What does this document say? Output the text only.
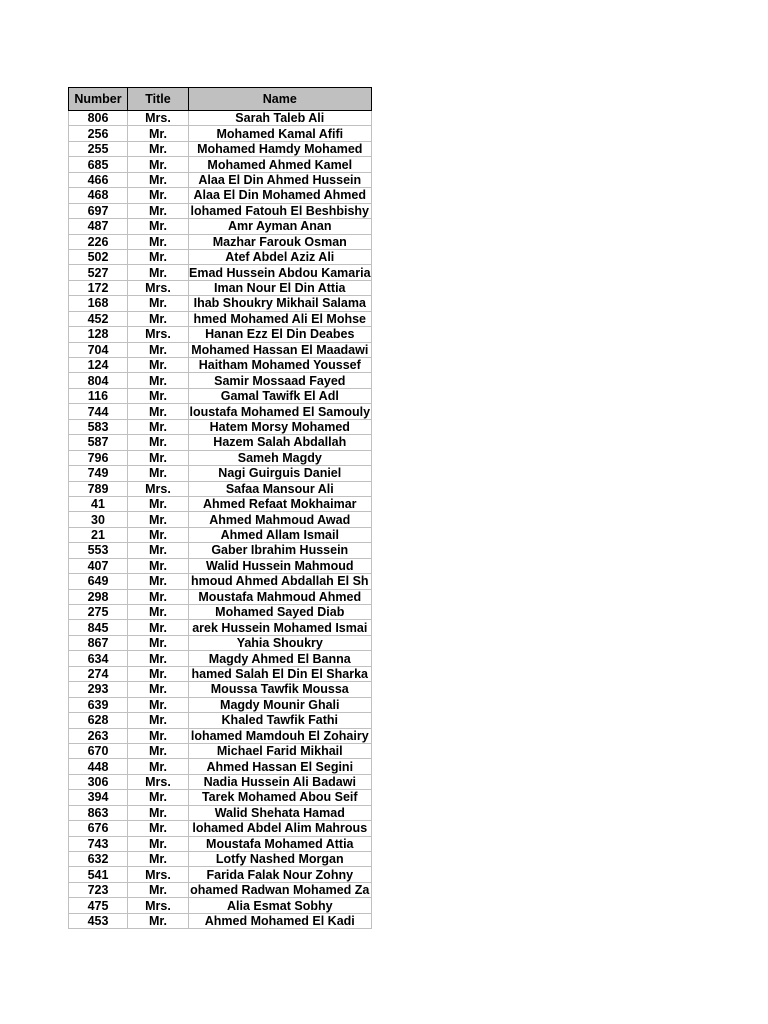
Number	Title	Name
806	Mrs.	Sarah Taleb Ali
256	Mr.	Mohamed Kamal Afifi
255	Mr.	Mohamed Hamdy Mohamed
685	Mr.	Mohamed Ahmed Kamel
466	Mr.	Alaa El Din Ahmed Hussein
468	Mr.	Alaa El Din Mohamed Ahmed
697	Mr.	lohamed Fatouh El Beshbishy
487	Mr.	Amr Ayman Anan
226	Mr.	Mazhar Farouk Osman
502	Mr.	Atef Abdel Aziz Ali
527	Mr.	Emad Hussein Abdou Kamaria
172	Mrs.	Iman Nour El Din Attia
168	Mr.	Ihab Shoukry Mikhail Salama
452	Mr.	hmed Mohamed Ali El Mohse
128	Mrs.	Hanan Ezz El Din Deabes
704	Mr.	Mohamed Hassan El Maadawi
124	Mr.	Haitham Mohamed Youssef
804	Mr.	Samir Mossaad Fayed
116	Mr.	Gamal Tawifk El Adl
744	Mr.	loustafa Mohamed El Samouly
583	Mr.	Hatem Morsy Mohamed
587	Mr.	Hazem Salah Abdallah
796	Mr.	Sameh Magdy
749	Mr.	Nagi Guirguis Daniel
789	Mrs.	Safaa Mansour Ali
41	Mr.	Ahmed Refaat Mokhaimar
30	Mr.	Ahmed Mahmoud Awad
21	Mr.	Ahmed Allam Ismail
553	Mr.	Gaber Ibrahim Hussein
407	Mr.	Walid Hussein Mahmoud
649	Mr.	hmoud Ahmed Abdallah El Sh
298	Mr.	Moustafa Mahmoud Ahmed
275	Mr.	Mohamed Sayed Diab
845	Mr.	arek Hussein Mohamed Ismai
867	Mr.	Yahia Shoukry
634	Mr.	Magdy Ahmed El Banna
274	Mr.	hamed Salah El Din El Sharka
293	Mr.	Moussa Tawfik Moussa
639	Mr.	Magdy Mounir Ghali
628	Mr.	Khaled Tawfik Fathi
263	Mr.	lohamed Mamdouh El Zohairy
670	Mr.	Michael Farid Mikhail
448	Mr.	Ahmed Hassan El Segini
306	Mrs.	Nadia Hussein Ali Badawi
394	Mr.	Tarek Mohamed Abou Seif
863	Mr.	Walid Shehata Hamad
676	Mr.	lohamed Abdel Alim Mahrous
743	Mr.	Moustafa Mohamed Attia
632	Mr.	Lotfy Nashed Morgan
541	Mrs.	Farida Falak Nour Zohny
723	Mr.	ohamed Radwan Mohamed Za
475	Mrs.	Alia Esmat Sobhy
453	Mr.	Ahmed Mohamed El Kadi
